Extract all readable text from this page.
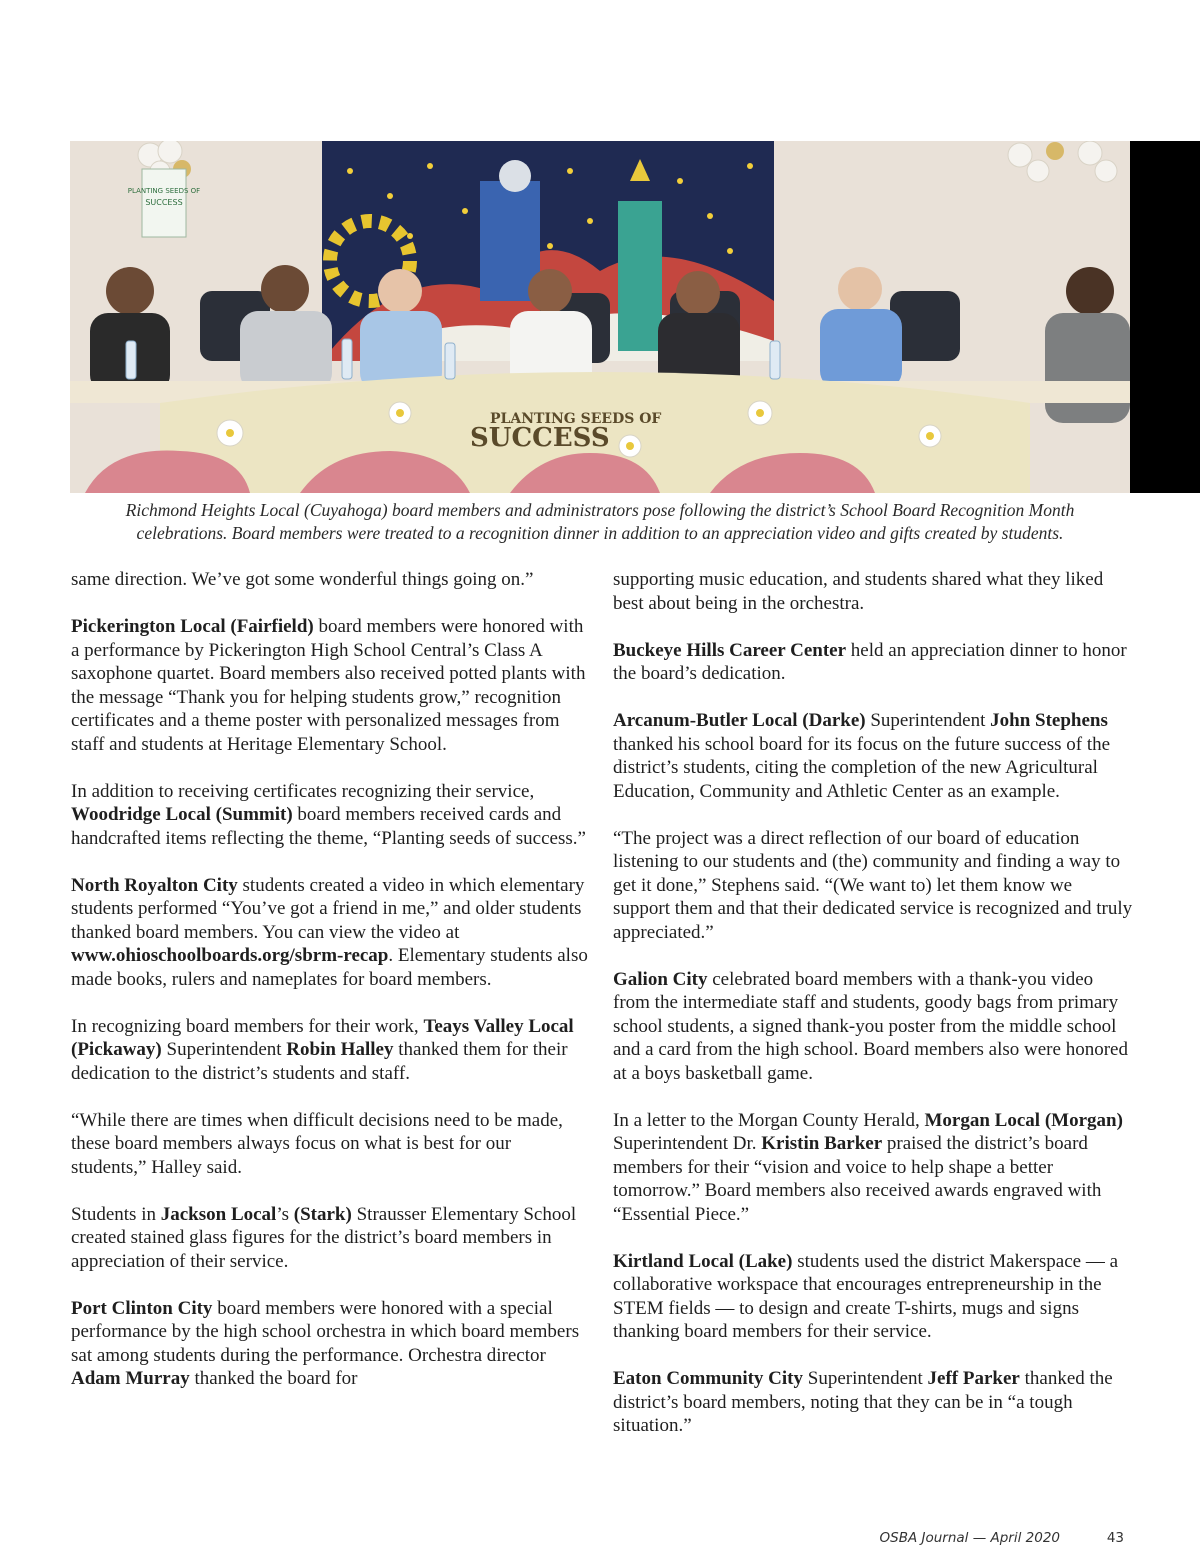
PLANTING SEEDS OF
SUCCESS
PLANTING SEEDS OF
SUCCESS

Richmond Heights Local (Cuyahoga) board members and administrators pose following the district’s School Board Recognition Month

celebrations. Board members were treated to a recognition dinner in addition to an appreciation video and gifts created by students.

same direction. We’ve got some wonderful things going on.”

Pickerington Local (Fairfield) board members were honored with a performance by Pickerington High School Central’s Class A saxophone quartet. Board members also received potted plants with the message “Thank you for helping students grow,” recognition certificates and a theme poster with personalized messages from staff and students at Heritage Elementary School.

In addition to receiving certificates recognizing their service, Woodridge Local (Summit) board members received cards and handcrafted items reflecting the theme, “Planting seeds of success.”

North Royalton City students created a video in which elementary students performed “You’ve got a friend in me,” and older students thanked board members. You can view the video at www.ohioschoolboards.org/sbrm-recap. Elementary students also made books, rulers and nameplates for board members.

In recognizing board members for their work, Teays Valley Local (Pickaway) Superintendent Robin Halley thanked them for their dedication to the district’s students and staff.

“While there are times when difficult decisions need to be made, these board members always focus on what is best for our students,” Halley said.

Students in Jackson Local’s (Stark) Strausser Elementary School created stained glass figures for the district’s board members in appreciation of their service.

Port Clinton City board members were honored with a special performance by the high school orchestra in which board members sat among students during the performance. Orchestra director Adam Murray thanked the board for

supporting music education, and students shared what they liked best about being in the orchestra.

Buckeye Hills Career Center held an appreciation dinner to honor the board’s dedication.

Arcanum-Butler Local (Darke) Superintendent John Stephens thanked his school board for its focus on the future success of the district’s students, citing the completion of the new Agricultural Education, Community and Athletic Center as an example.

“The project was a direct reflection of our board of education listening to our students and (the) community and finding a way to get it done,” Stephens said. “(We want to) let them know we support them and that their dedicated service is recognized and truly appreciated.”

Galion City celebrated board members with a thank-you video from the intermediate staff and students, goody bags from primary school students, a signed thank-you poster from the middle school and a card from the high school. Board members also were honored at a boys basketball game.

In a letter to the Morgan County Herald, Morgan Local (Morgan) Superintendent Dr. Kristin Barker praised the district’s board members for their “vision and voice to help shape a better tomorrow.” Board members also received awards engraved with “Essential Piece.”

Kirtland Local (Lake) students used the district Makerspace — a collaborative workspace that encourages entrepreneurship in the STEM fields — to design and create T-shirts, mugs and signs thanking board members for their service.

Eaton Community City Superintendent Jeff Parker thanked the district’s board members, noting that they can be in “a tough situation.”

OSBA Journal — April 2020	43
